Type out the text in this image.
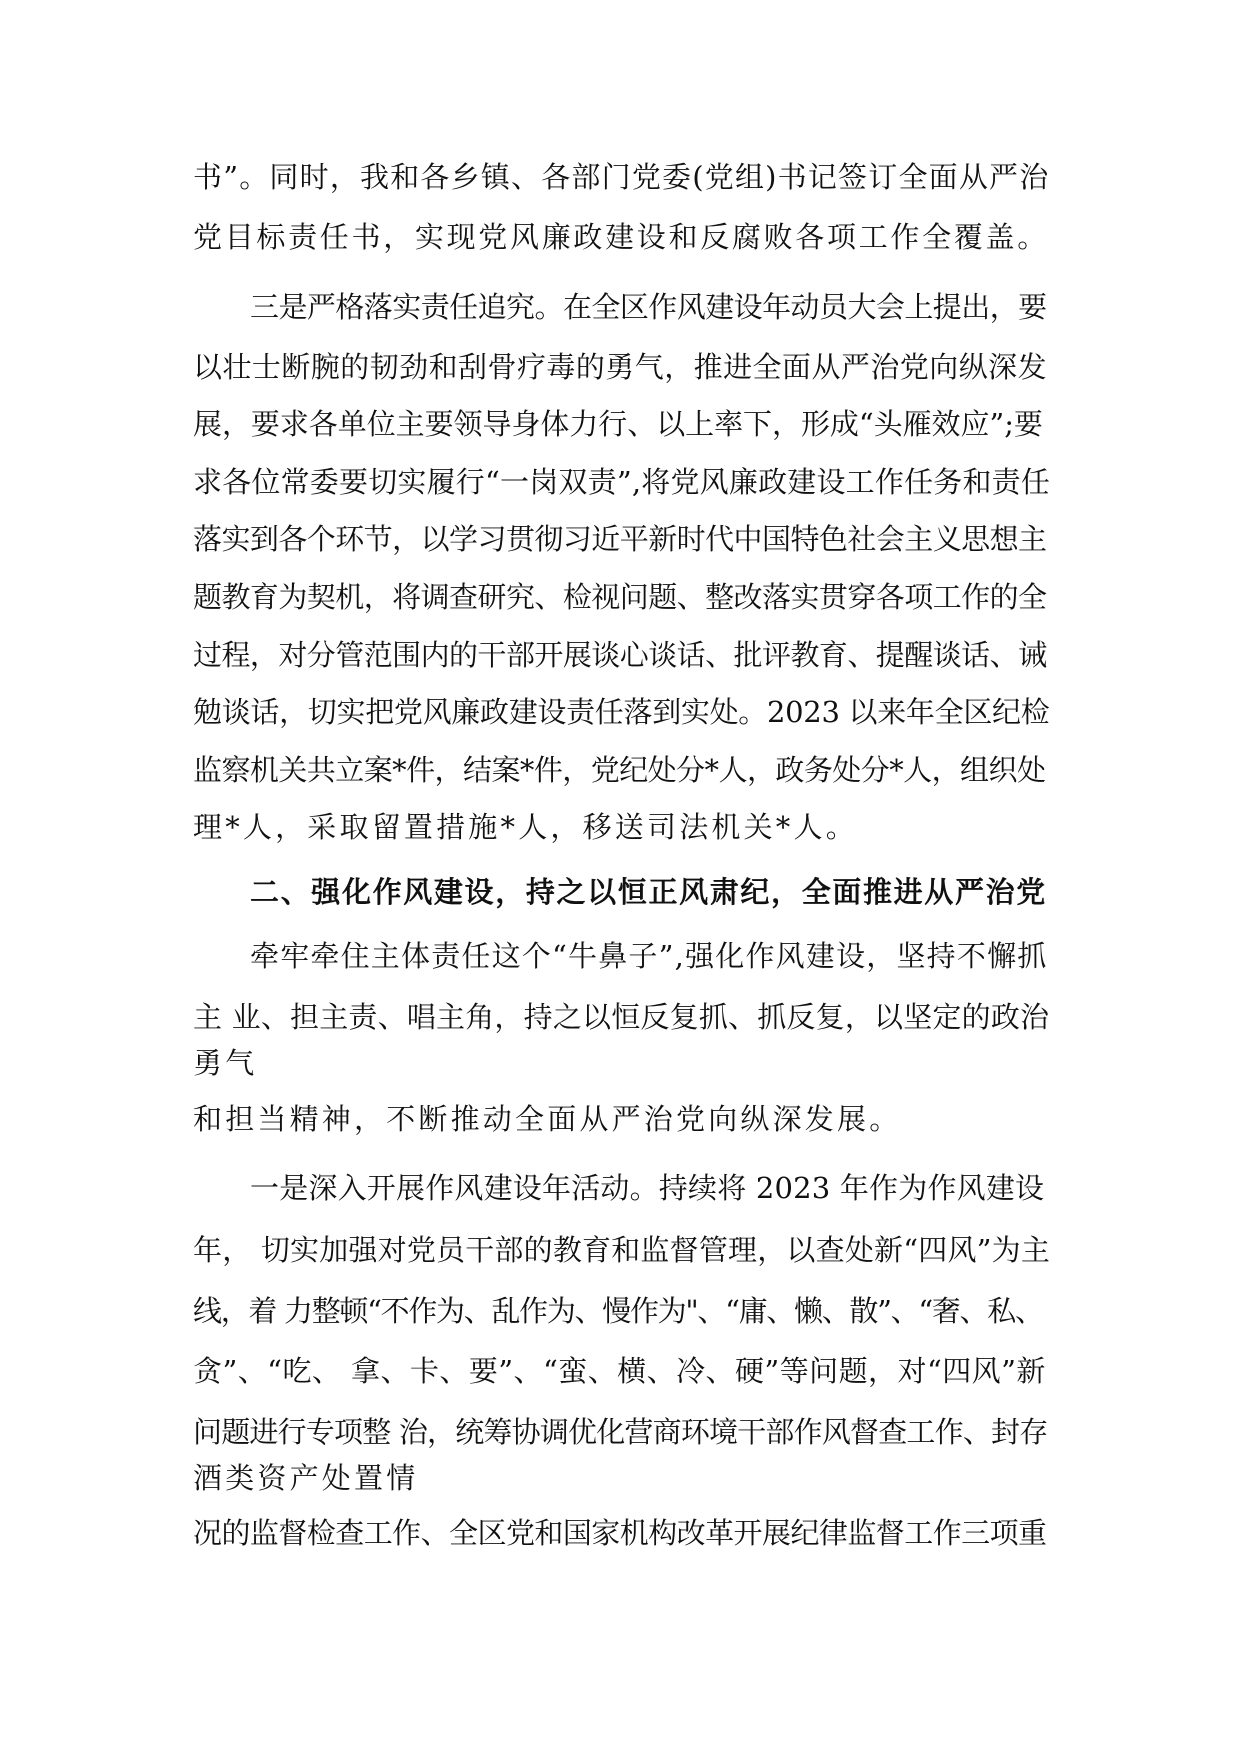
书”。同时，我和各乡镇、各部门党委(党组)书记签订全面从严治
党目标责任书，实现党风廉政建设和反腐败各项工作全覆盖。
三是严格落实责任追究。在全区作风建设年动员大会上提出，要
以壮士断腕的韧劲和刮骨疗毒的勇气，推进全面从严治党向纵深发
展，要求各单位主要领导身体力行、以上率下，形成“头雁效应”;要
求各位常委要切实履行“一岗双责”,将党风廉政建设工作任务和责任
落实到各个环节，以学习贯彻习近平新时代中国特色社会主义思想主
题教育为契机，将调查研究、检视问题、整改落实贯穿各项工作的全
过程，对分管范围内的干部开展谈心谈话、批评教育、提醒谈话、诫
勉谈话，切实把党风廉政建设责任落到实处。2023 以来年全区纪检
监察机关共立案*件，结案*件，党纪处分*人，政务处分*人，组织处
理*人，采取留置措施*人，移送司法机关*人。
二、强化作风建设，持之以恒正风肃纪，全面推进从严治党
牵牢牵住主体责任这个“牛鼻子”,强化作风建设，坚持不懈抓
主 业、担主责、唱主角，持之以恒反复抓、抓反复，以坚定的政治
勇气
和担当精神，不断推动全面从严治党向纵深发展。
一是深入开展作风建设年活动。持续将 2023 年作为作风建设
年， 切实加强对党员干部的教育和监督管理，以查处新“四风”为主
线，着 力整顿“不作为、乱作为、慢作为"、“庸、懒、散”、“奢、私、
贪”、“吃、 拿、卡、要”、“蛮、横、冷、硬”等问题，对“四风”新
问题进行专项整 治，统筹协调优化营商环境干部作风督查工作、封存
酒类资产处置情
况的监督检查工作、全区党和国家机构改革开展纪律监督工作三项重
